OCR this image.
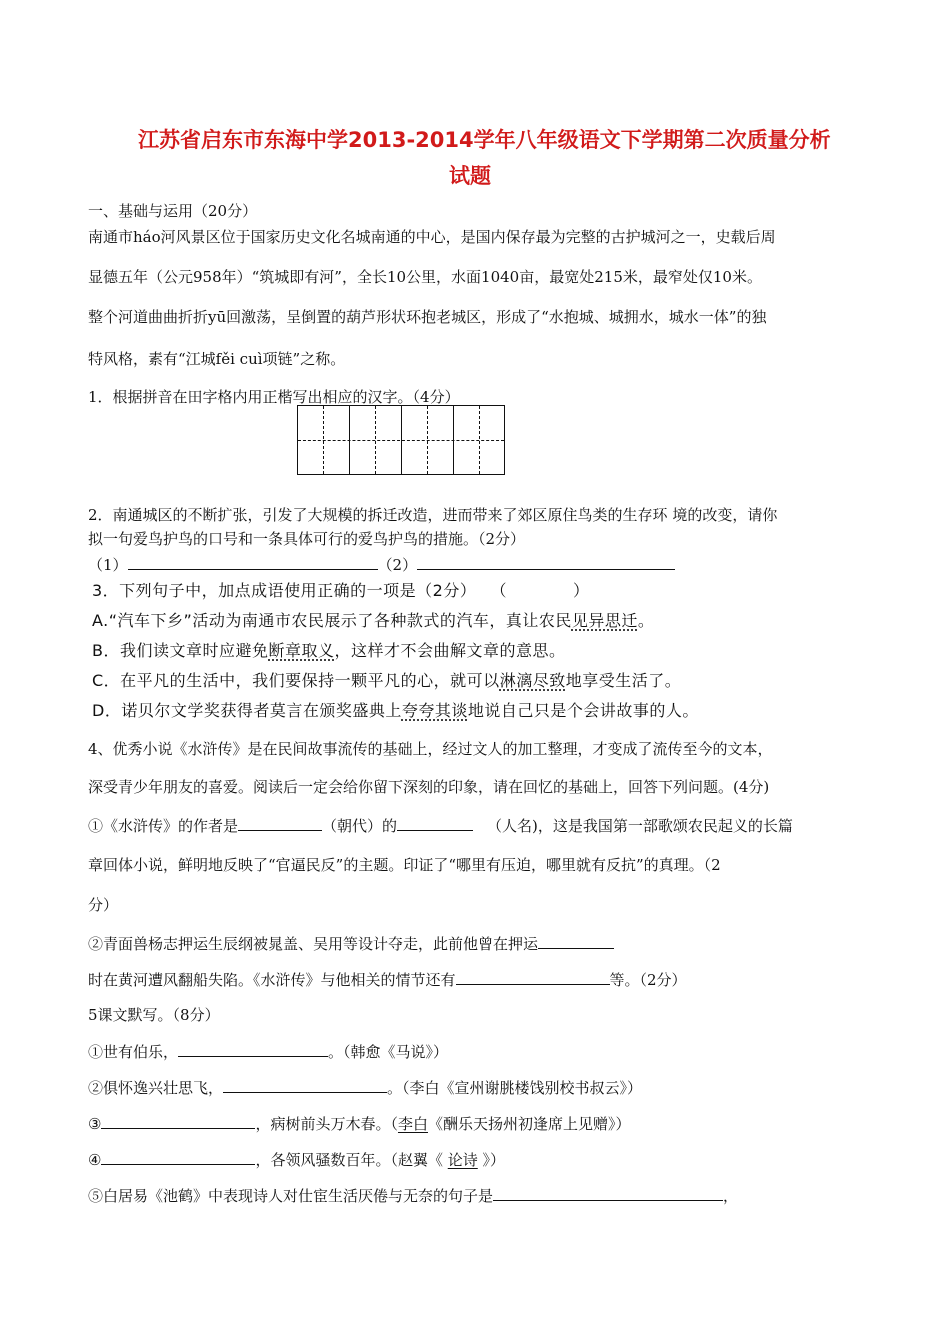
江苏省启东市东海中学2013-2014学年八年级语文下学期第二次质量分析
试题
一、基础与运用（20分）
南通市háo河风景区位于国家历史文化名城南通的中心，是国内保存最为完整的古护城河之一，史载后周
显德五年（公元958年）“筑城即有河”，全长10公里，水面1040亩，最宽处215米，最窄处仅10米。
整个河道曲曲折折yū回激荡，呈倒置的葫芦形状环抱老城区，形成了“水抱城、城拥水，城水一体”的独
特风格，素有“江城fěi cuì项链”之称。
1．根据拼音在田字格内用正楷写出相应的汉字。（4分）
2．南通城区的不断扩张，引发了大规模的拆迁改造，进而带来了郊区原住鸟类的生存环 境的改变，请你
拟一句爱鸟护鸟的口号和一条具体可行的爱鸟护鸟的措施。（2分）
（1）	（2）
3．下列句子中，加点成语使用正确的一项是（2分）　 （　　　　）
A.“汽车下乡”活动为南通市农民展示了各种款式的汽车，真让农民见异思迁。
B．我们读文章时应避免断章取义，这样才不会曲解文章的意思。
C．在平凡的生活中，我们要保持一颗平凡的心，就可以淋漓尽致地享受生活了。
D．诺贝尔文学奖获得者莫言在颁奖盛典上夸夸其谈地说自己只是个会讲故事的人。
4、优秀小说《水浒传》是在民间故事流传的基础上，经过文人的加工整理，才变成了流传至今的文本，
深受青少年朋友的喜爱。阅读后一定会给你留下深刻的印象，请在回忆的基础上，回答下列问题。(4分)
①《水浒传》的作者是	（朝代）的	（人名)，这是我国第一部歌颂农民起义的长篇
章回体小说，鲜明地反映了“官逼民反”的主题。印证了“哪里有压迫，哪里就有反抗”的真理。（2
分）
②青面兽杨志押运生辰纲被晁盖、吴用等设计夺走，此前他曾在押运
时在黄河遭风翻船失陷。《水浒传》与他相关的情节还有	等。（2分）
5课文默写。（8分）
①世有伯乐，	。（韩愈《马说》）
②俱怀逸兴壮思飞，	。（李白《宣州谢朓楼饯别校书叔云》）
③	，病树前头万木春。（李白《酬乐天扬州初逢席上见赠》）
④	，各领风骚数百年。（赵翼《 论诗 》）
⑤白居易《池鹤》中表现诗人对仕宦生活厌倦与无奈的句子是	，
